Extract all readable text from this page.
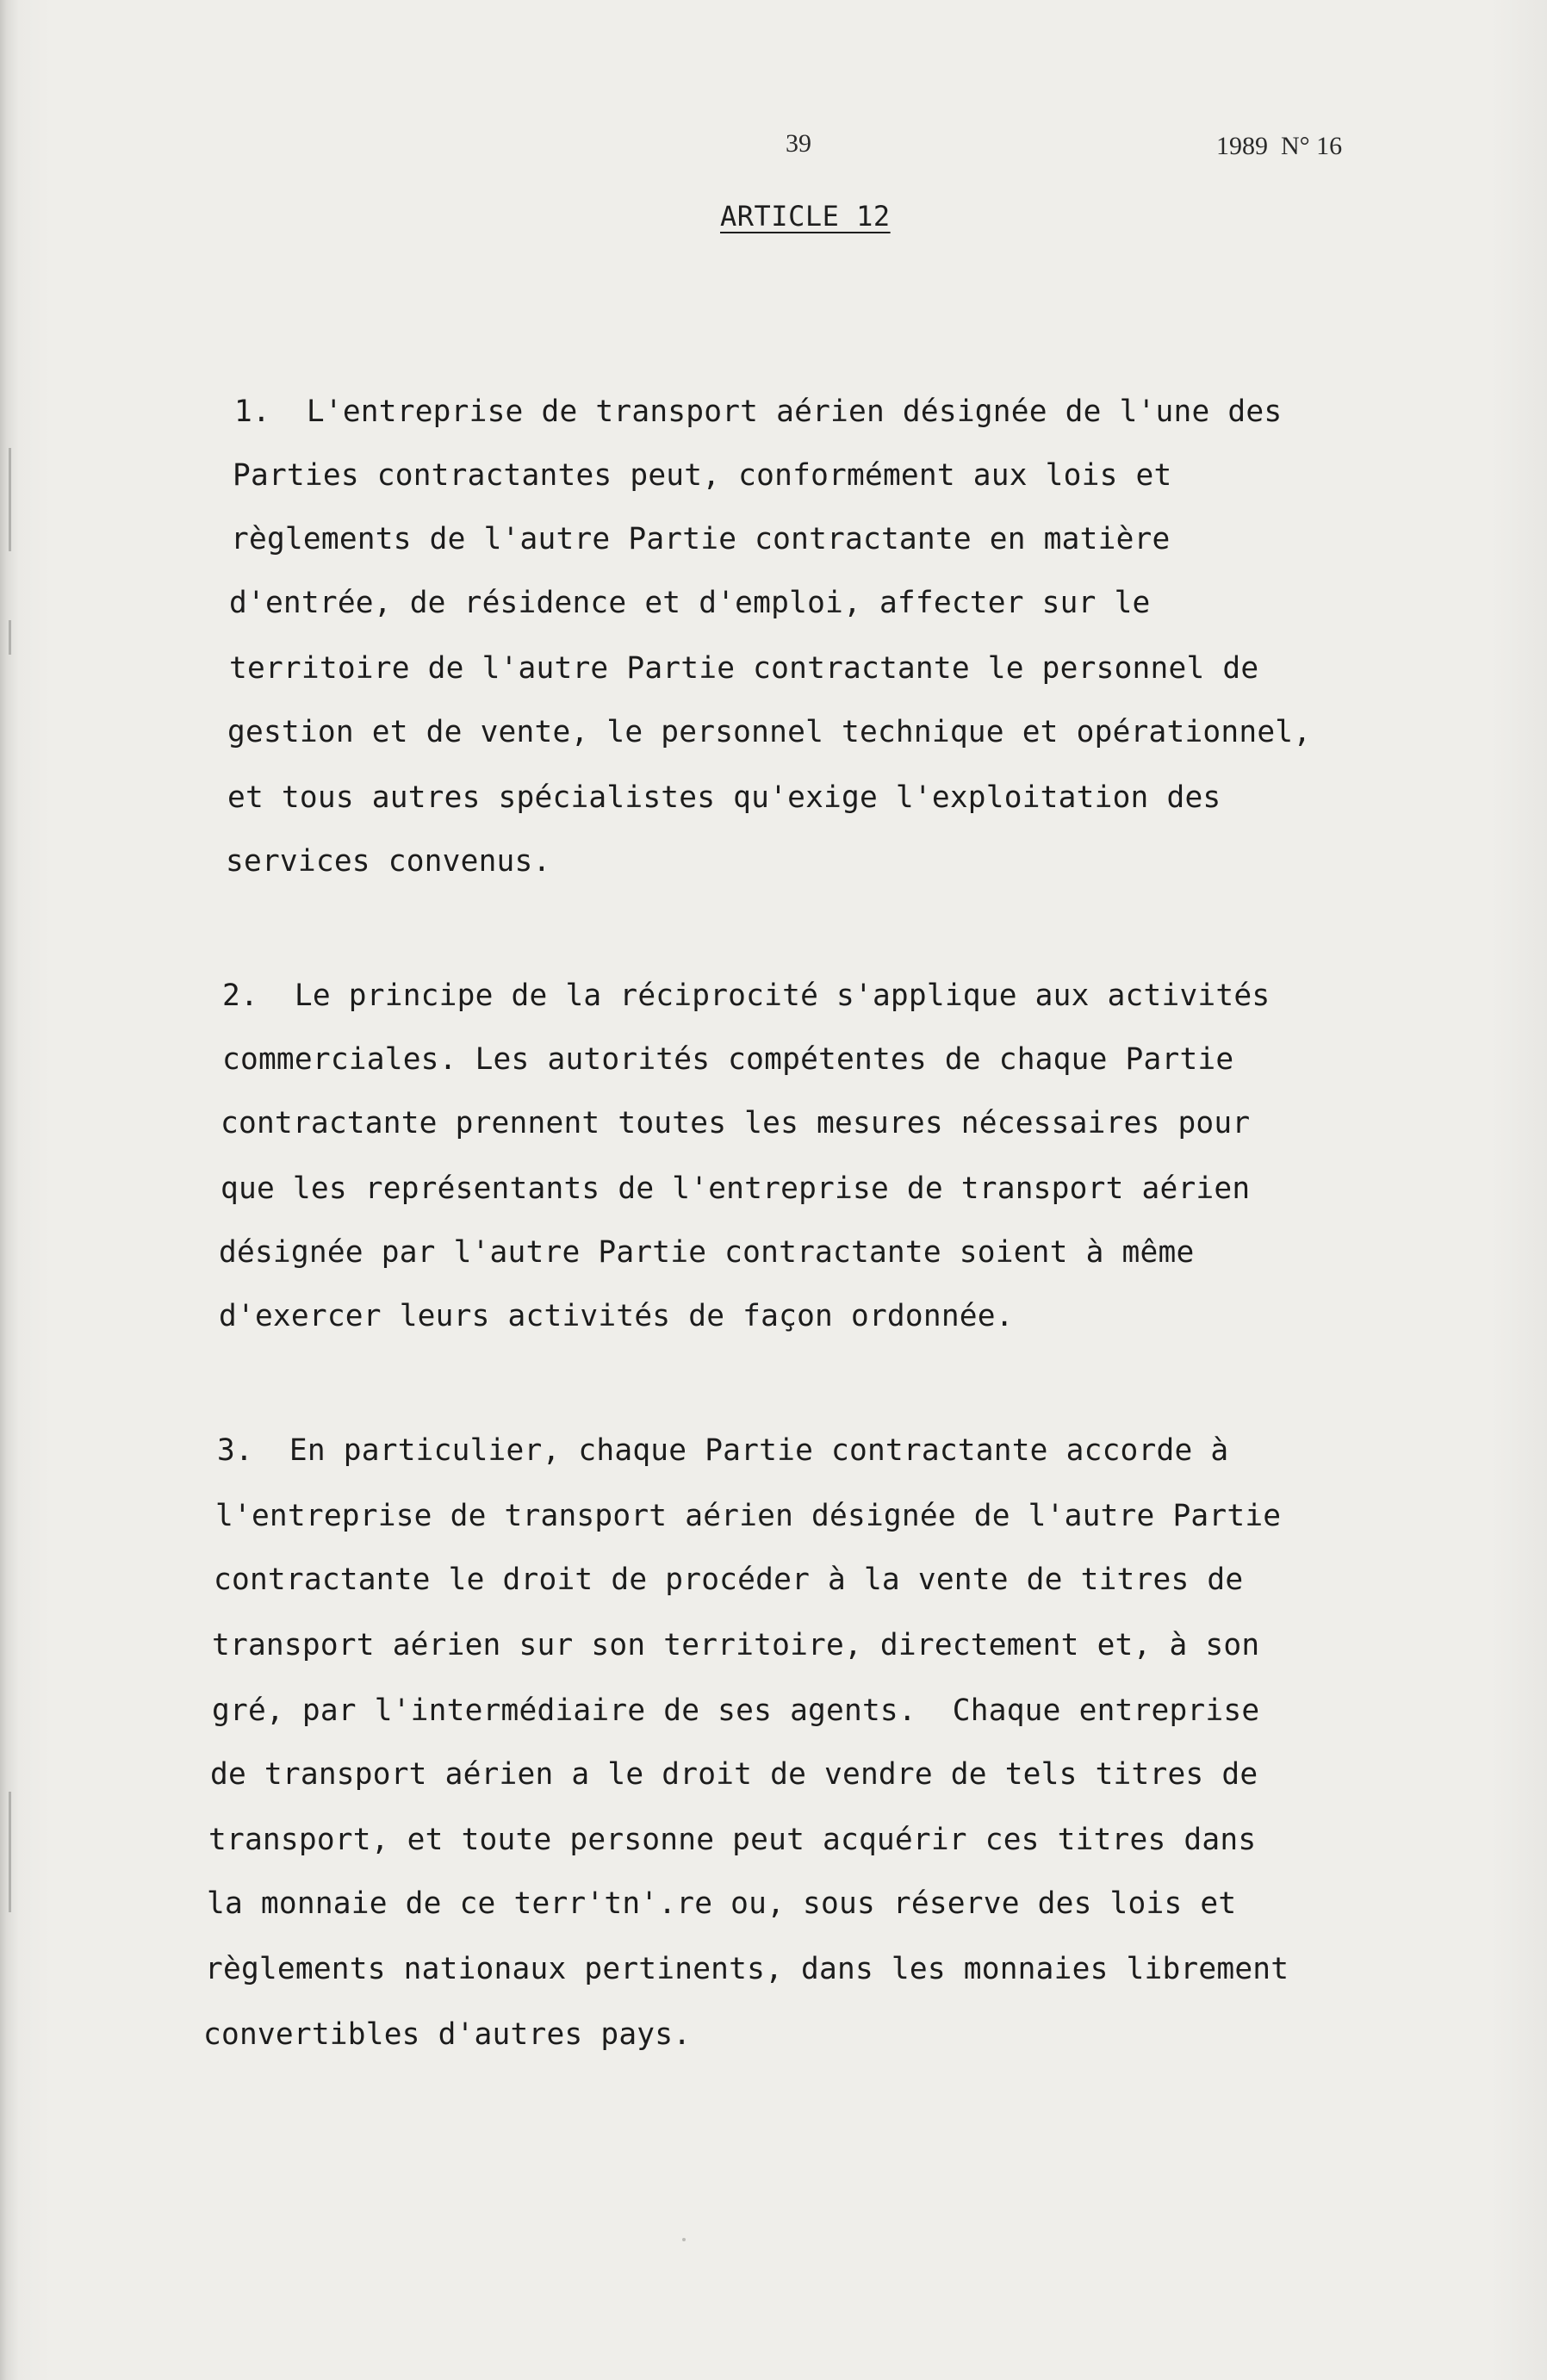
39	1989  N° 16
ARTICLE 12
1.  L'entreprise de transport aérien désignée de l'une des
Parties contractantes peut, conformément aux lois et
règlements de l'autre Partie contractante en matière
d'entrée, de résidence et d'emploi, affecter sur le
territoire de l'autre Partie contractante le personnel de
gestion et de vente, le personnel technique et opérationnel,
et tous autres spécialistes qu'exige l'exploitation des
services convenus.
2.  Le principe de la réciprocité s'applique aux activités
commerciales. Les autorités compétentes de chaque Partie
contractante prennent toutes les mesures nécessaires pour
que les représentants de l'entreprise de transport aérien
désignée par l'autre Partie contractante soient à même
d'exercer leurs activités de façon ordonnée.
3.  En particulier, chaque Partie contractante accorde à
l'entreprise de transport aérien désignée de l'autre Partie
contractante le droit de procéder à la vente de titres de
transport aérien sur son territoire, directement et, à son
gré, par l'intermédiaire de ses agents.  Chaque entreprise
de transport aérien a le droit de vendre de tels titres de
transport, et toute personne peut acquérir ces titres dans
la monnaie de ce terr'tn'.re ou, sous réserve des lois et
règlements nationaux pertinents, dans les monnaies librement
convertibles d'autres pays.
